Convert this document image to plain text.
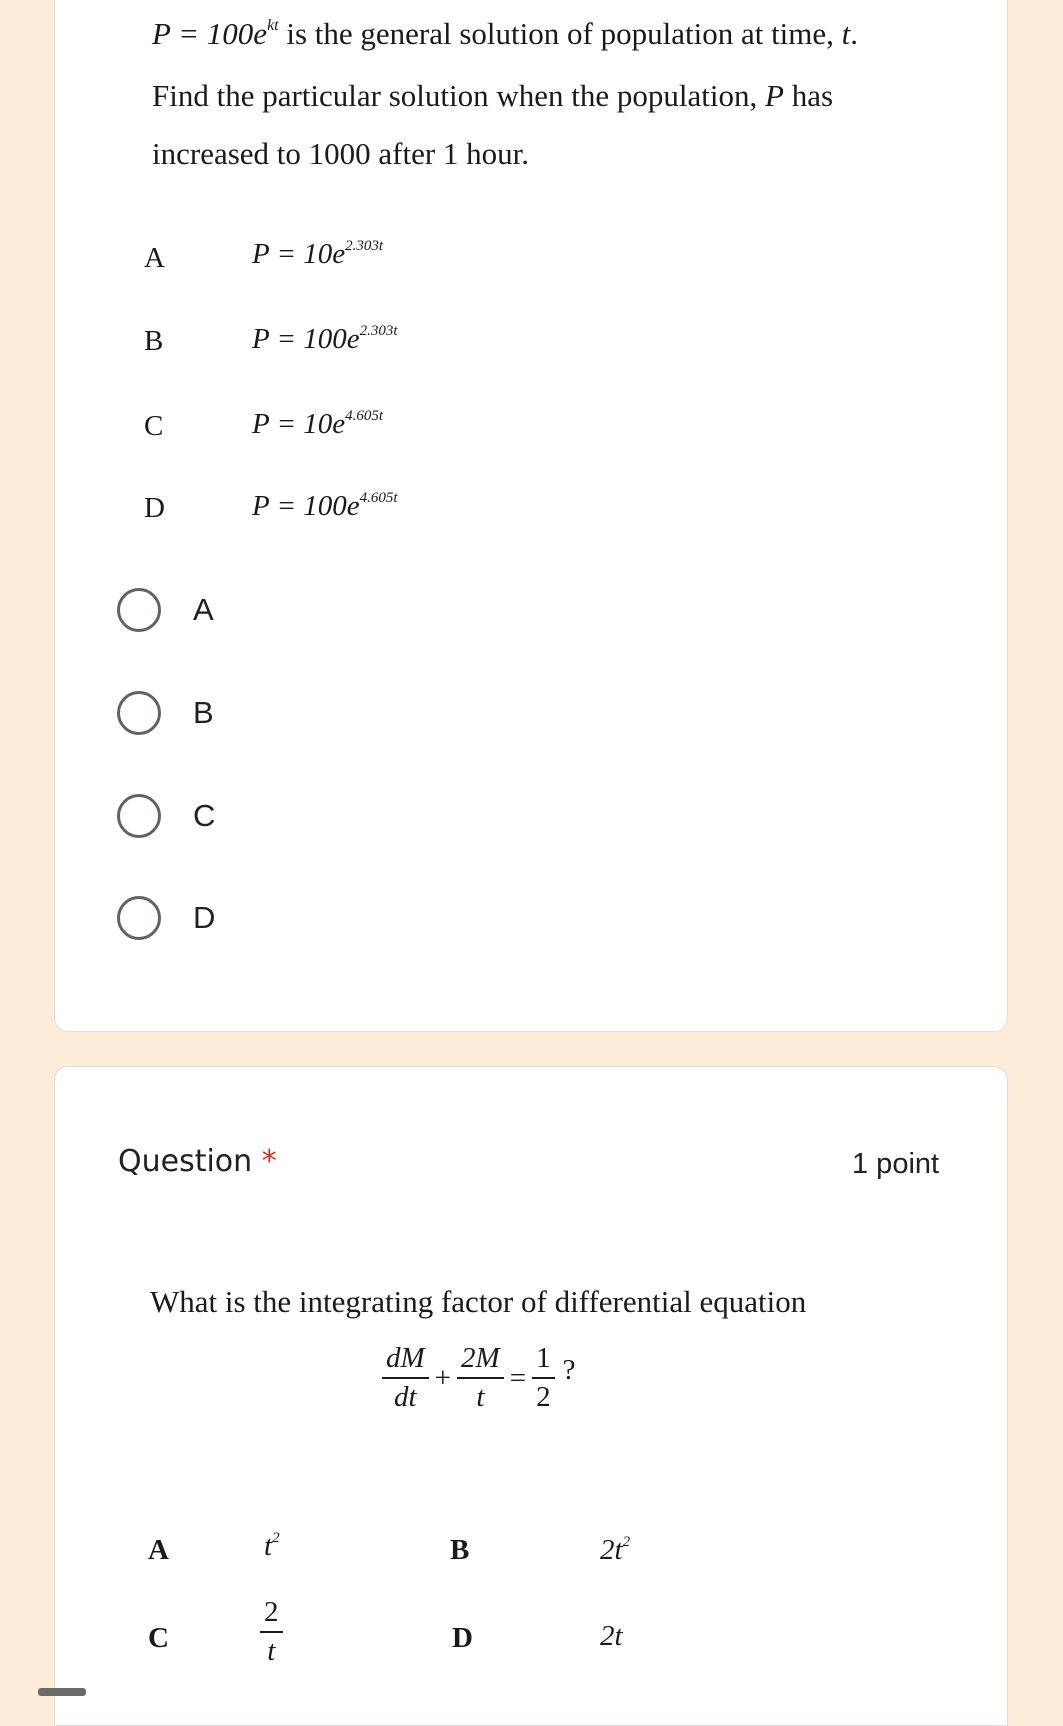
$P = 100e^{kt}$ is the general solution of population at time, t.
Find the particular solution when the population, P has
increased to 1000 after 1 hour.
A	$P = 10e^{2.303t}$
B	$P = 100e^{2.303t}$
C	$P = 10e^{4.605t}$
D	$P = 100e^{4.605t}$
A
B
C
D
Question *	1 point
What is the integrating factor of differential equation
$\frac{dM}{dt} + \frac{2M}{t} = \frac{1}{2}$ ?
A	$t^2$	B	$2t^2$
C	$\frac{2}{t}$	D	2t
